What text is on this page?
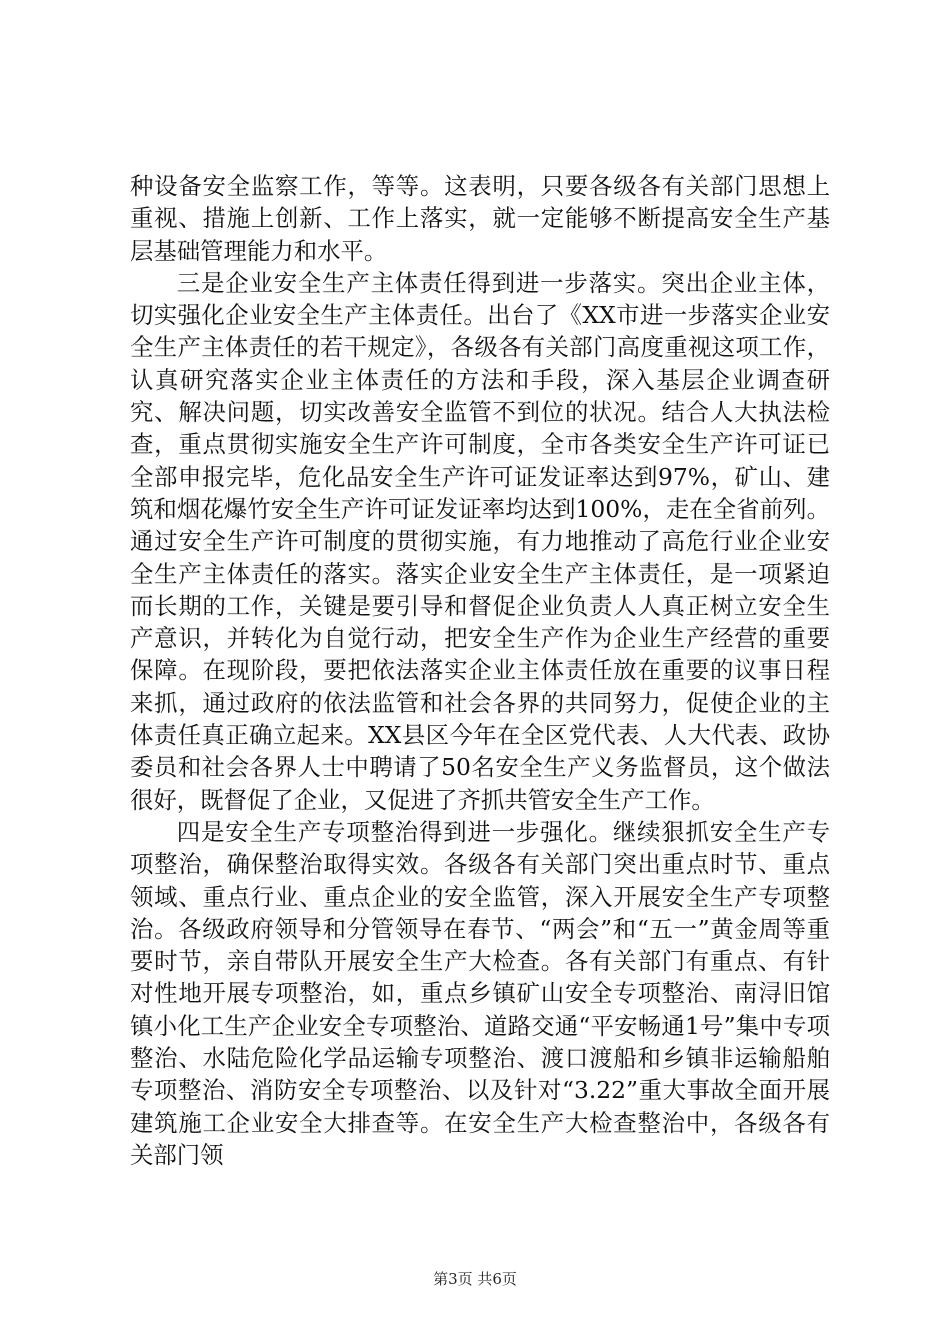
种设备安全监察工作，等等。这表明，只要各级各有关部门思想上重视、措施上创新、工作上落实，就一定能够不断提高安全生产基层基础管理能力和水平。

三是企业安全生产主体责任得到进一步落实。突出企业主体，切实强化企业安全生产主体责任。出台了《XX市进一步落实企业安全生产主体责任的若干规定》，各级各有关部门高度重视这项工作，认真研究落实企业主体责任的方法和手段，深入基层企业调查研究、解决问题，切实改善安全监管不到位的状况。结合人大执法检查，重点贯彻实施安全生产许可制度，全市各类安全生产许可证已全部申报完毕，危化品安全生产许可证发证率达到97%，矿山、建筑和烟花爆竹安全生产许可证发证率均达到100%，走在全省前列。通过安全生产许可制度的贯彻实施，有力地推动了高危行业企业安全生产主体责任的落实。落实企业安全生产主体责任，是一项紧迫而长期的工作，关键是要引导和督促企业负责人人真正树立安全生产意识，并转化为自觉行动，把安全生产作为企业生产经营的重要保障。在现阶段，要把依法落实企业主体责任放在重要的议事日程来抓，通过政府的依法监管和社会各界的共同努力，促使企业的主体责任真正确立起来。XX县区今年在全区党代表、人大代表、政协委员和社会各界人士中聘请了50名安全生产义务监督员，这个做法很好，既督促了企业，又促进了齐抓共管安全生产工作。

四是安全生产专项整治得到进一步强化。继续狠抓安全生产专项整治，确保整治取得实效。各级各有关部门突出重点时节、重点领域、重点行业、重点企业的安全监管，深入开展安全生产专项整治。各级政府领导和分管领导在春节、“两会”和“五一”黄金周等重要时节，亲自带队开展安全生产大检查。各有关部门有重点、有针对性地开展专项整治，如，重点乡镇矿山安全专项整治、南浔旧馆镇小化工生产企业安全专项整治、道路交通“平安畅通1号”集中专项整治、水陆危险化学品运输专项整治、渡口渡船和乡镇非运输船舶专项整治、消防安全专项整治、以及针对“3.22”重大事故全面开展建筑施工企业安全大排查等。在安全生产大检查整治中，各级各有关部门领

第3页 共6页
